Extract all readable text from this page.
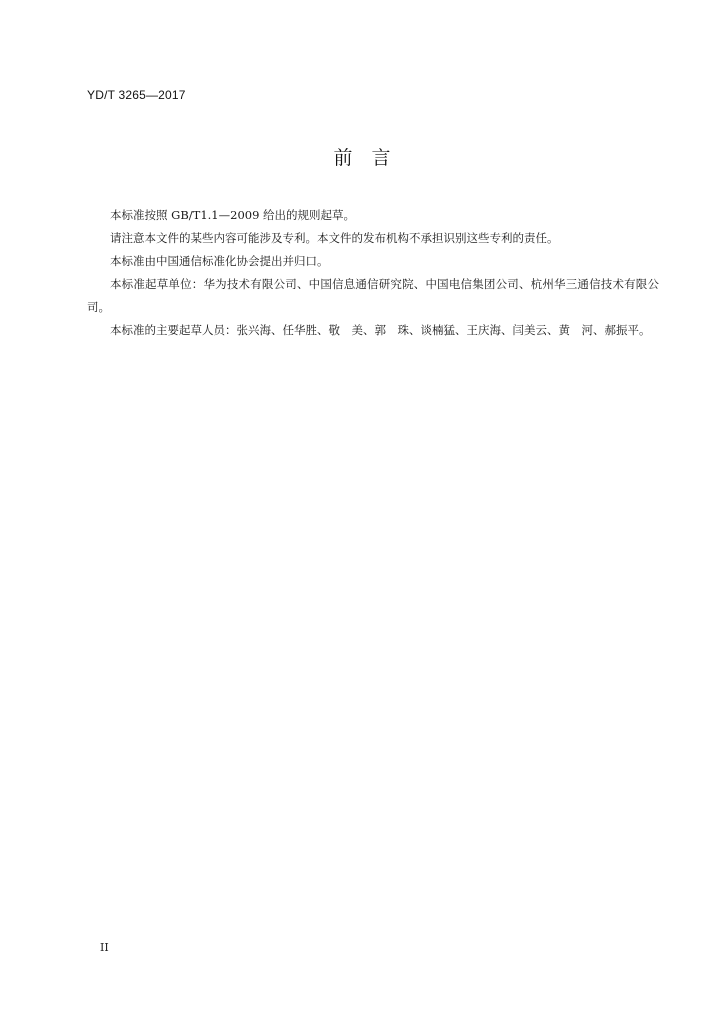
YD/T 3265—2017
前　言

本标准按照 GB/T1.1—2009 给出的规则起草。

请注意本文件的某些内容可能涉及专利。本文件的发布机构不承担识别这些专利的责任。

本标准由中国通信标准化协会提出并归口。

本标准起草单位：华为技术有限公司、中国信息通信研究院、中国电信集团公司、杭州华三通信技术有限公司。

本标准的主要起草人员：张兴海、任华胜、敬　美、郭　珠、谈楠猛、王庆海、闫美云、黄　河、郝振平。

II
